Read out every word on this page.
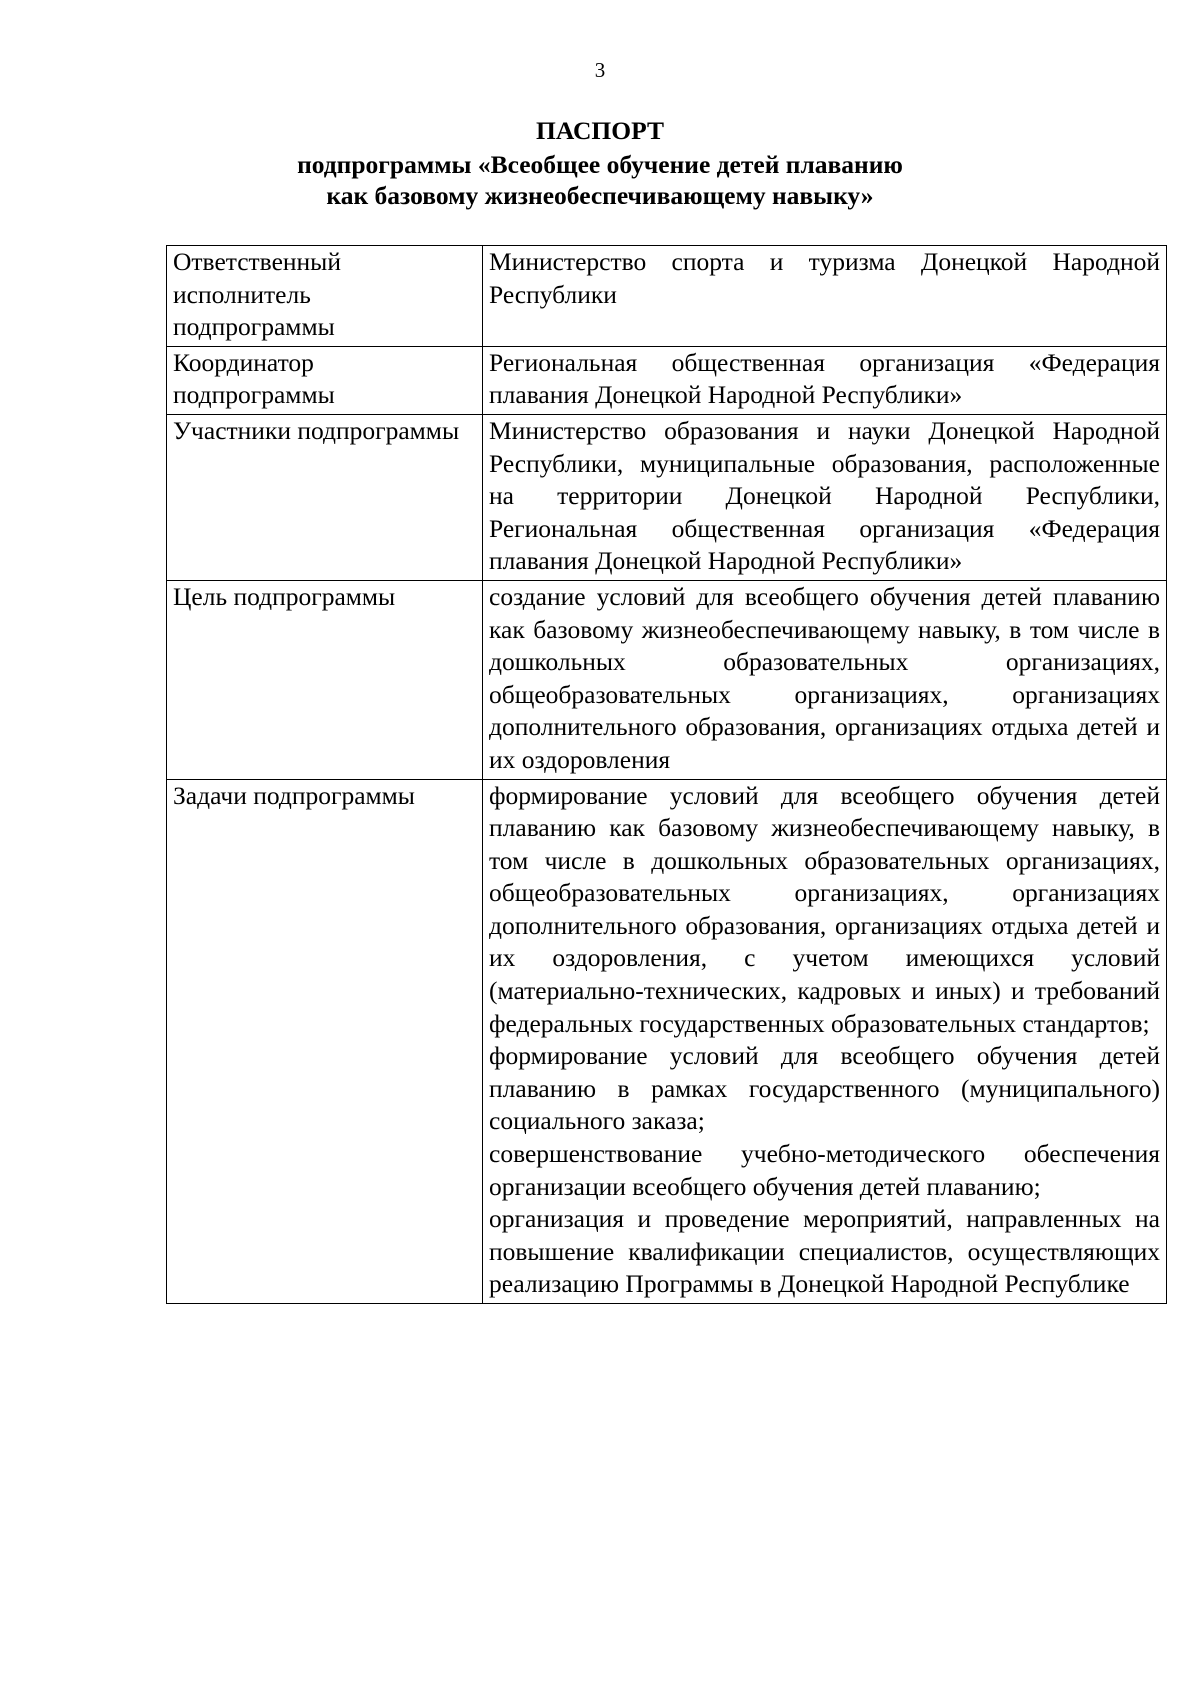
3
ПАСПОРТ
подпрограммы «Всеобщее обучение детей плаванию
как базовому жизнеобеспечивающему навыку»
Ответственный исполнитель подпрограммы	Министерство спорта и туризма Донецкой Народной Республики
Координатор подпрограммы	Региональная общественная организация «Федерация плавания Донецкой Народной Республики»
Участники подпрограммы	Министерство образования и науки Донецкой Народной Республики, муниципальные образования, расположенные на территории Донецкой Народной Республики, Региональная общественная организация «Федерация плавания Донецкой Народной Республики»
Цель подпрограммы	создание условий для всеобщего обучения детей плаванию как базовому жизнеобеспечивающему навыку, в том числе в дошкольных образовательных организациях, общеобразовательных организациях, организациях дополнительного образования, организациях отдыха детей и их оздоровления
Задачи подпрограммы	формирование условий для всеобщего обучения детей плаванию как базовому жизнеобеспечивающему навыку, в том числе в дошкольных образовательных организациях, общеобразовательных организациях, организациях дополнительного образования, организациях отдыха детей и их оздоровления, с учетом имеющихся условий (материально-технических, кадровых и иных) и требований федеральных государственных образовательных стандартов;
формирование условий для всеобщего обучения детей плаванию в рамках государственного (муниципального) социального заказа;
совершенствование учебно-методического обеспечения организации всеобщего обучения детей плаванию;
организация и проведение мероприятий, направленных на повышение квалификации специалистов, осуществляющих реализацию Программы в Донецкой Народной Республике
